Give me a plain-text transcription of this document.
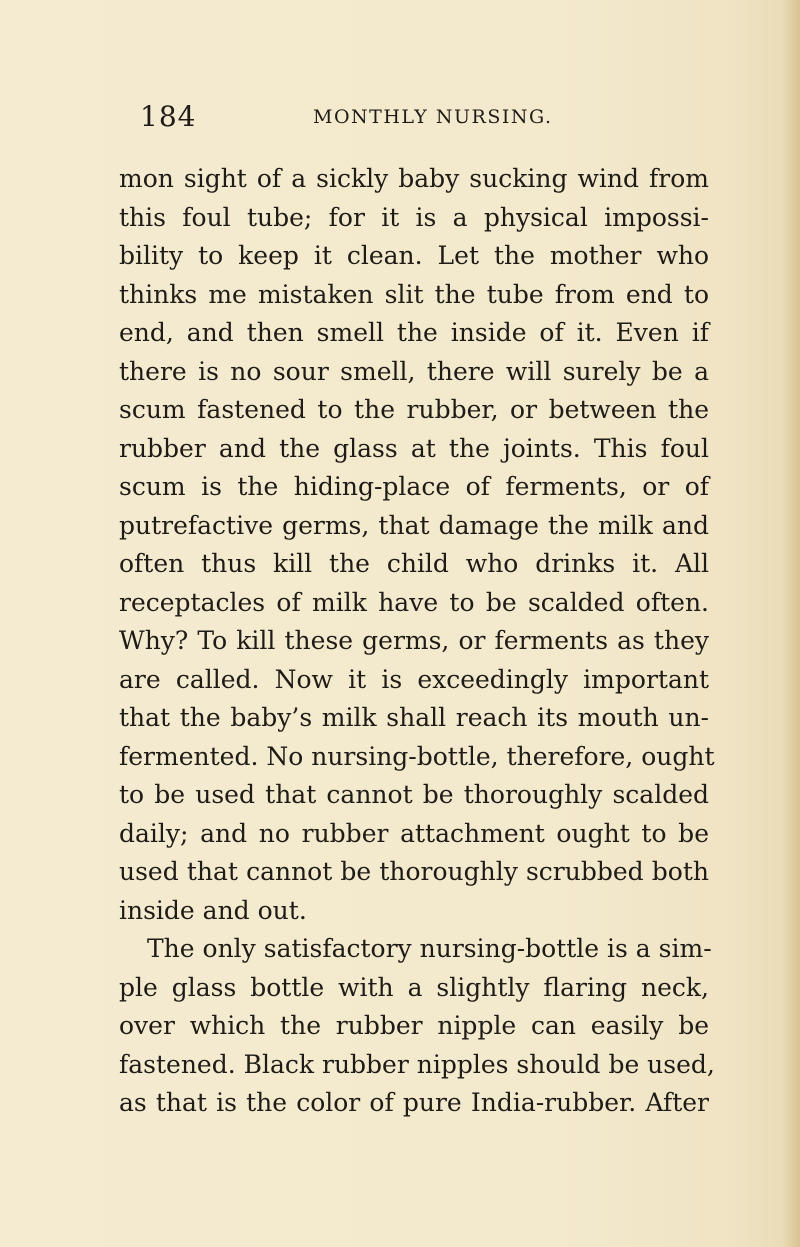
184	MONTHLY NURSING.
mon sight of a sickly baby sucking wind from
this foul tube; for it is a physical impossi-
bility to keep it clean. Let the mother who
thinks me mistaken slit the tube from end to
end, and then smell the inside of it. Even if
there is no sour smell, there will surely be a
scum fastened to the rubber, or between the
rubber and the glass at the joints. This foul
scum is the hiding-place of ferments, or of
putrefactive germs, that damage the milk and
often thus kill the child who drinks it. All
receptacles of milk have to be scalded often.
Why? To kill these germs, or ferments as they
are called. Now it is exceedingly important
that the baby’s milk shall reach its mouth un-
fermented. No nursing-bottle, therefore, ought
to be used that cannot be thoroughly scalded
daily; and no rubber attachment ought to be
used that cannot be thoroughly scrubbed both
inside and out.
The only satisfactory nursing-bottle is a sim-
ple glass bottle with a slightly flaring neck,
over which the rubber nipple can easily be
fastened. Black rubber nipples should be used,
as that is the color of pure India-rubber. After
